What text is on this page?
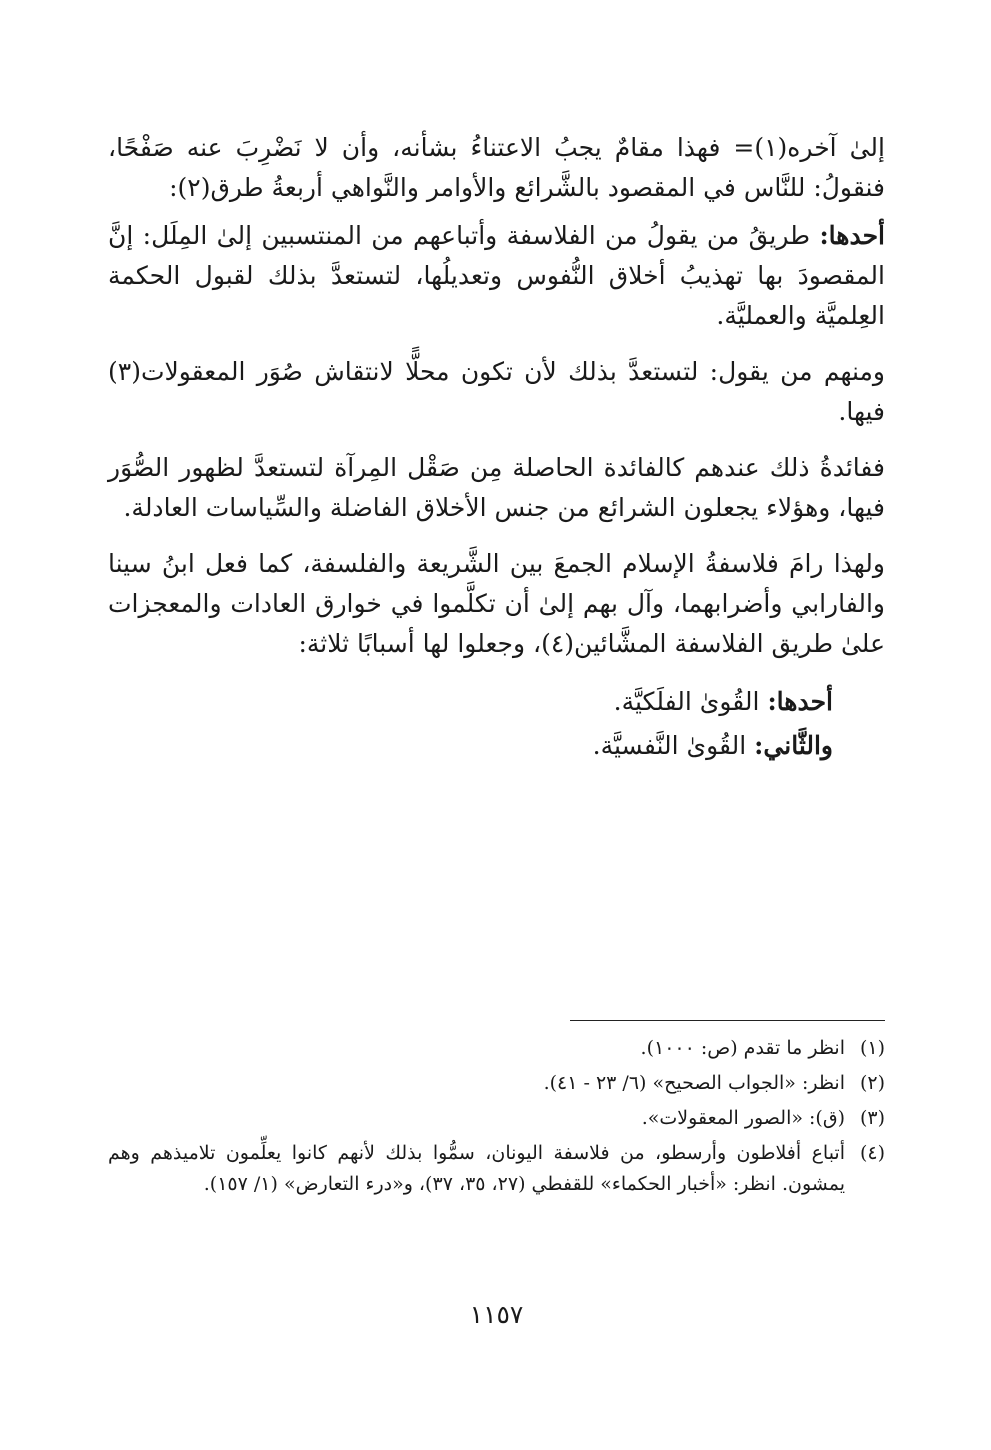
إلىٰ آخره(١)= فهذا مقامٌ يجبُ الاعتناءُ بشأنه، وأن لا نَضْرِبَ عنه صَفْحًا، فنقولُ: للنَّاس في المقصود بالشَّرائع والأوامر والنَّواهي أربعةُ طرق(٢):

أحدها: طريقُ من يقولُ من الفلاسفة وأتباعهم من المنتسبين إلىٰ المِلَل: إنَّ المقصودَ بها تهذيبُ أخلاق النُّفوس وتعديلُها، لتستعدَّ بذلك لقبول الحكمة العِلميَّة والعمليَّة.

ومنهم من يقول: لتستعدَّ بذلك لأن تكون محلًّا لانتقاش صُوَر المعقولات(٣) فيها.

ففائدةُ ذلك عندهم كالفائدة الحاصلة مِن صَقْل المِرآة لتستعدَّ لظهور الصُّوَر فيها، وهؤلاء يجعلون الشرائع من جنس الأخلاق الفاضلة والسِّياسات العادلة.

ولهذا رامَ فلاسفةُ الإسلام الجمعَ بين الشَّريعة والفلسفة، كما فعل ابنُ سينا والفارابي وأضرابهما، وآل بهم إلىٰ أن تكلَّموا في خوارق العادات والمعجزات علىٰ طريق الفلاسفة المشَّائين(٤)، وجعلوا لها أسبابًا ثلاثة:

أحدها: القُوىٰ الفلَكيَّة.

والثَّاني: القُوىٰ النَّفسيَّة.

(١)
انظر ما تقدم (ص: ١٠٠٠).
(٢)
انظر: «الجواب الصحيح» (٦/ ٢٣ - ٤١).
(٣)
(ق): «الصور المعقولات».
(٤)
أتباع أفلاطون وأرسطو، من فلاسفة اليونان، سمُّوا بذلك لأنهم كانوا يعلِّمون تلاميذهم وهم يمشون. انظر: «أخبار الحكماء» للقفطي (٢٧، ٣٥، ٣٧)، و«درء التعارض» (١/ ١٥٧).
١١٥٧
